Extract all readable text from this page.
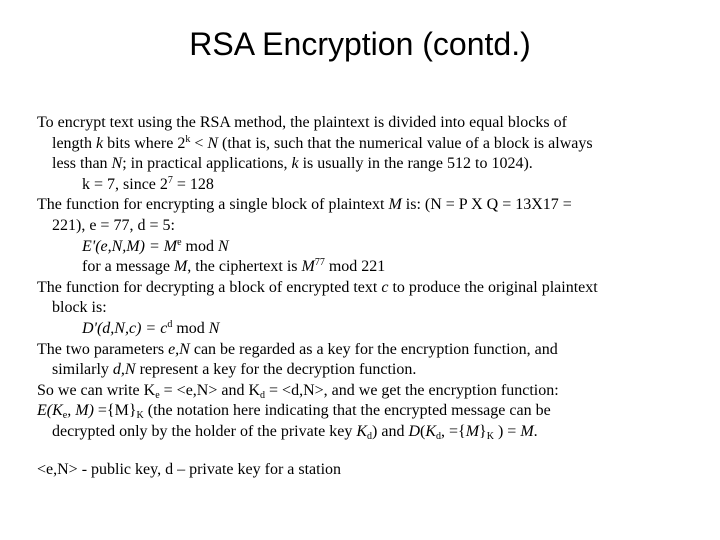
RSA Encryption (contd.)
To encrypt text using the RSA method, the plaintext is divided into equal blocks of
length k bits where $2^k < N$ (that is, such that the numerical value of a block is always
less than N; in practical applications, k is usually in the range 512 to 1024).
k = 7, since $2^7 = 128$
The function for encrypting a single block of plaintext M is: (N = P X Q = 13X17 =
221), e = 77, d = 5:
$E'(e,N,M) = M^e$ mod N
for a message M, the ciphertext is $M^{77}$ mod 221
The function for decrypting a block of encrypted text c to produce the original plaintext
block is:
$D'(d,N,c) = c^d$ mod N
The two parameters e,N can be regarded as a key for the encryption function, and
similarly d,N represent a key for the decryption function.
So we can write $K_e = <e,N>$ and $K_d = <d,N>$, and we get the encryption function:
$E(K_e$, $M) =\{M\}_K$ (the notation here indicating that the encrypted message can be
decrypted only by the holder of the private key $K_d$) and $D(K_d$, $=\{M\}_K$ ) = M.
<e,N> - public key, d – private key for a station
